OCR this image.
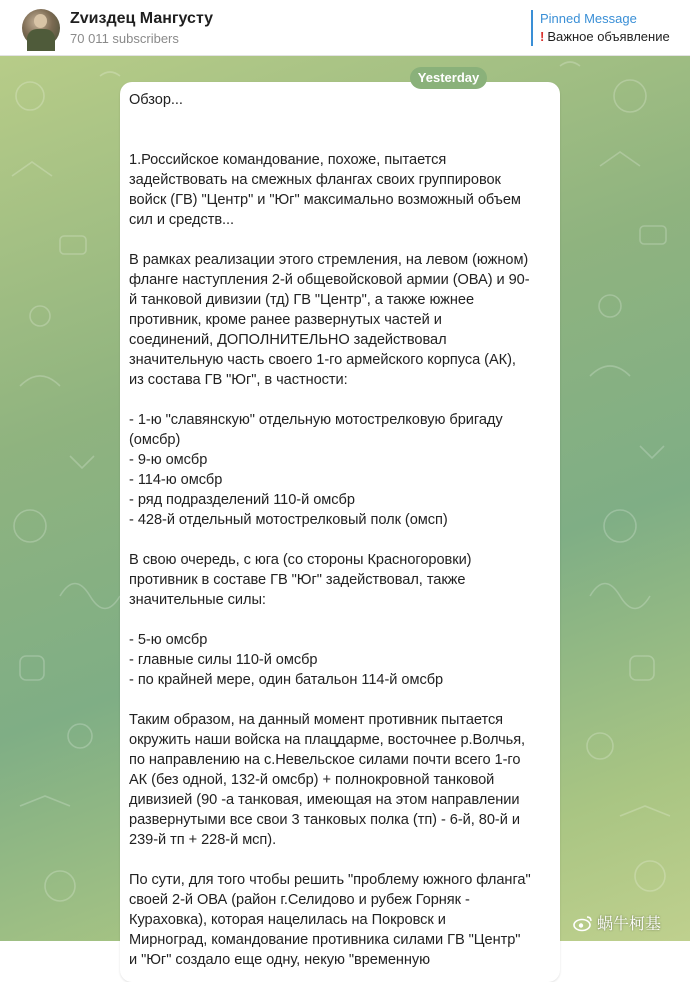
Zvиздец Мангусту
70 011 subscribers
Pinned Message
! Важное объявление
Обзор...
1.Российское командование, похоже, пытается
задействовать на смежных флангах своих группировок
войск (ГВ) "Центр" и "Юг" максимально возможный объем
сил и средств...
В рамках реализации этого стремления, на левом (южном)
фланге наступления 2-й общевойсковой армии (ОВА) и 90-
й танковой дивизии (тд) ГВ "Центр", а также южнее
противник, кроме ранее развернутых частей и
соединений, ДОПОЛНИТЕЛЬНО задействовал
значительную часть своего 1-го армейского корпуса (АК),
из состава ГВ "Юг", в частности:
- 1-ю "славянскую" отдельную мотострелковую бригаду
(омсбр)
- 9-ю омсбр
- 114-ю омсбр
- ряд подразделений 110-й омсбр
- 428-й отдельный мотострелковый полк (омсп)
В свою очередь, с юга (со стороны Красногоровки)
противник в составе ГВ "Юг" задействовал, также
значительные силы:
- 5-ю омсбр
- главные силы 110-й омсбр
- по крайней мере, один батальон 114-й омсбр
Таким образом, на данный момент противник пытается
окружить наши войска на плацдарме, восточнее р.Волчья,
по направлению на с.Невельское силами почти всего 1-го
АК (без одной, 132-й омсбр) + полнокровной танковой
дивизией (90 -а танковая, имеющая на этом направлении
развернутыми все свои 3 танковых полка (тп) - 6-й, 80-й и
239-й тп + 228-й мсп).
По сути, для того чтобы решить "проблему южного фланга"
своей 2-й ОВА (район г.Селидово и рубеж Горняк -
Кураховка), которая нацелилась на Покровск и
Мирноград, командование противника силами ГВ "Центр"
и "Юг" создало еще одну, некую "временную
Yesterday
蜗牛柯基
